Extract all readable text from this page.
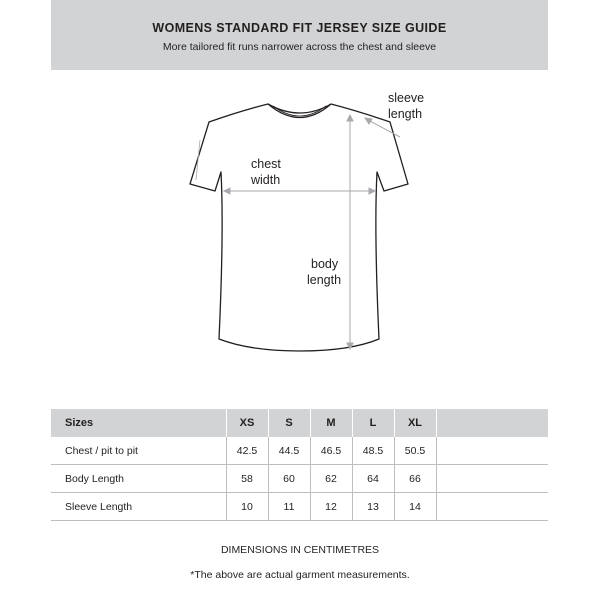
WOMENS STANDARD FIT JERSEY SIZE GUIDE
More tailored fit runs narrower across the chest and sleeve
sleeve
length
chest
width
body
length
Sizes	XS	S	M	L	XL	
Chest / pit to pit	42.5	44.5	46.5	48.5	50.5	
Body Length	58	60	62	64	66	
Sleeve Length	10	11	12	13	14	
DIMENSIONS IN CENTIMETRES
*The above are actual garment measurements.
